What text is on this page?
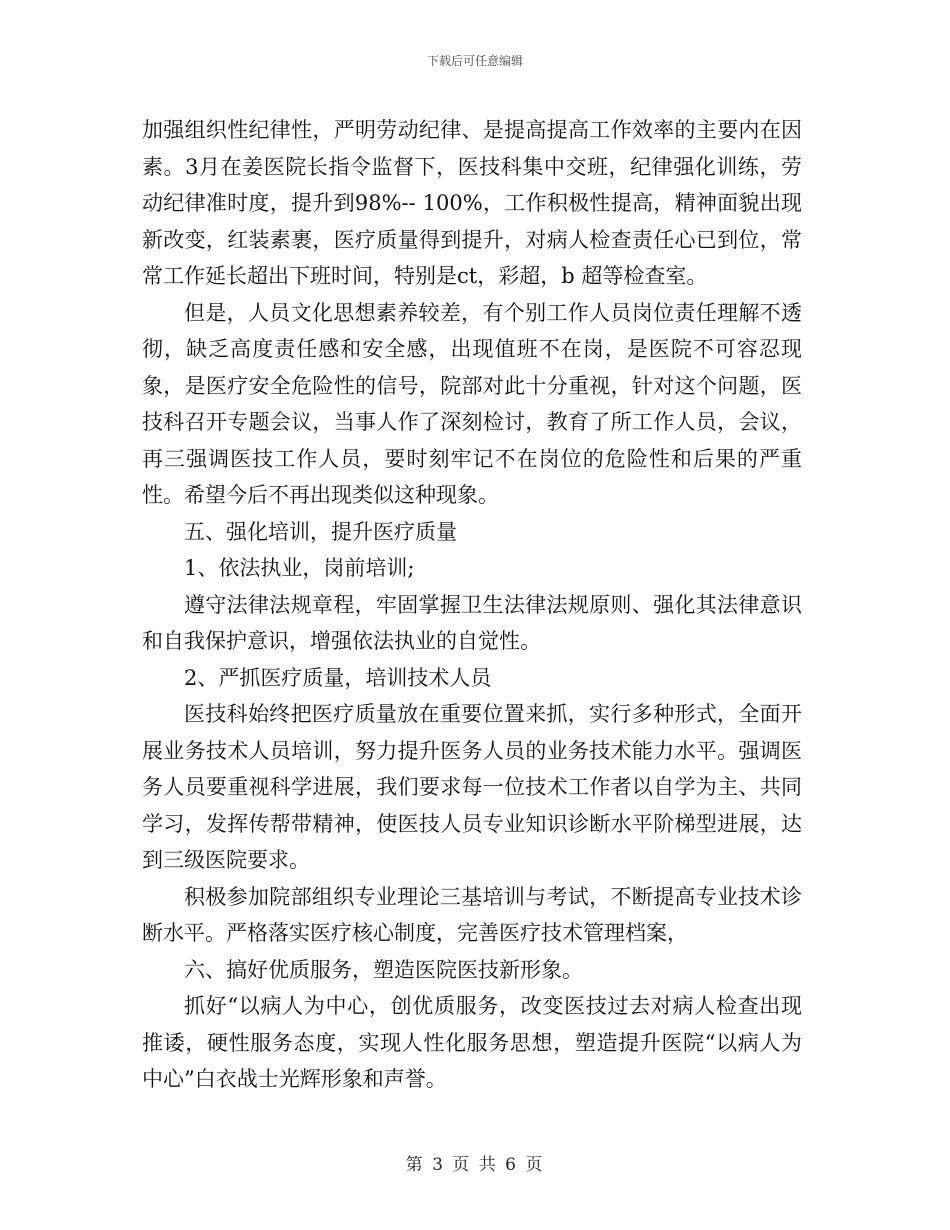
下载后可任意编辑

加强组织性纪律性，严明劳动纪律、是提高提高工作效率的主要内在因素。3月在姜医院长指令监督下，医技科集中交班，纪律强化训练，劳动纪律准时度，提升到98%-- 100%，工作积极性提高，精神面貌出现新改变，红装素裹，医疗质量得到提升，对病人检查责任心已到位，常常工作延长超出下班时间，特别是ct，彩超，b 超等检查室。

但是，人员文化思想素养较差，有个别工作人员岗位责任理解不透彻，缺乏高度责任感和安全感，出现值班不在岗，是医院不可容忍现象，是医疗安全危险性的信号，院部对此十分重视，针对这个问题，医技科召开专题会议，当事人作了深刻检讨，教育了所工作人员，会议，再三强调医技工作人员，要时刻牢记不在岗位的危险性和后果的严重性。希望今后不再出现类似这种现象。

五、强化培训，提升医疗质量

1、依法执业，岗前培训;

遵守法律法规章程，牢固掌握卫生法律法规原则、强化其法律意识和自我保护意识，增强依法执业的自觉性。

2、严抓医疗质量，培训技术人员

医技科始终把医疗质量放在重要位置来抓，实行多种形式，全面开展业务技术人员培训，努力提升医务人员的业务技术能力水平。强调医务人员要重视科学进展，我们要求每一位技术工作者以自学为主、共同学习，发挥传帮带精神，使医技人员专业知识诊断水平阶梯型进展，达到三级医院要求。

积极参加院部组织专业理论三基培训与考试，不断提高专业技术诊断水平。严格落实医疗核心制度，完善医疗技术管理档案，

六、搞好优质服务，塑造医院医技新形象。

抓好“以病人为中心，创优质服务，改变医技过去对病人检查出现推诿，硬性服务态度，实现人性化服务思想，塑造提升医院“以病人为中心”白衣战士光辉形象和声誉。

第 3 页 共 6 页
